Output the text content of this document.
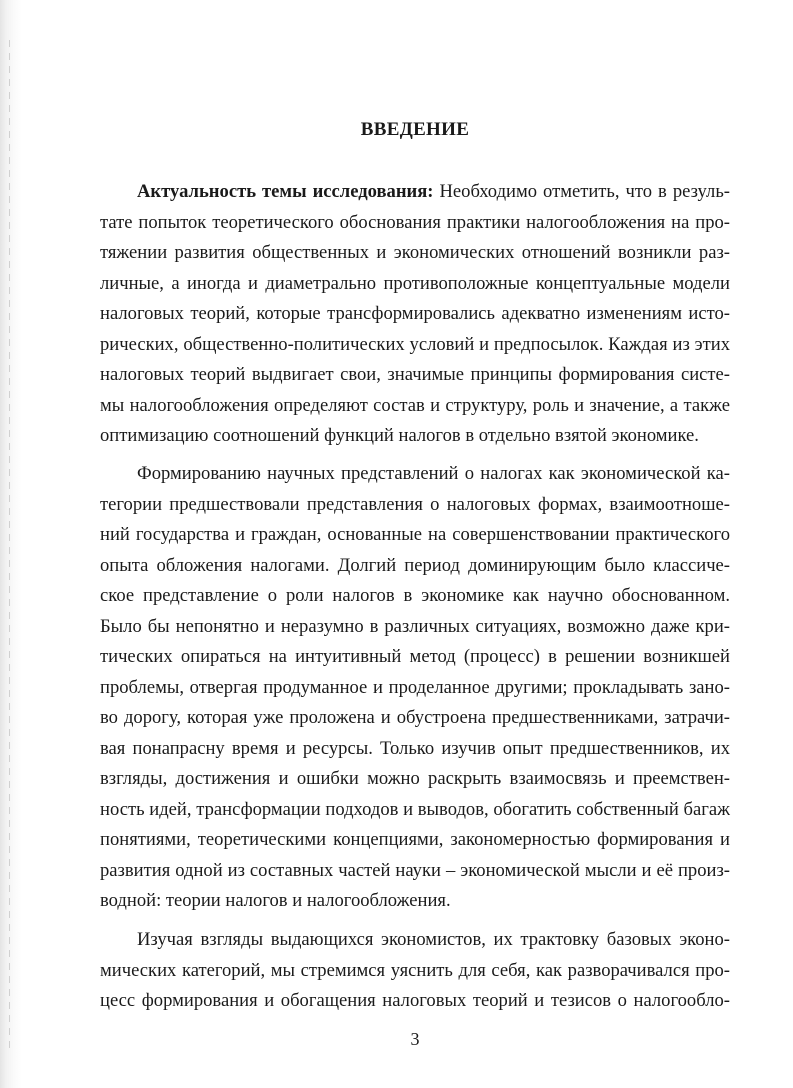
ВВЕДЕНИЕ
Актуальность темы исследования: Необходимо отметить, что в резуль-
тате попыток теоретического обоснования практики налогообложения на про-
тяжении развития общественных и экономических отношений возникли раз-
личные, а иногда и диаметрально противоположные концептуальные модели
налоговых теорий, которые трансформировались адекватно изменениям исто-
рических, общественно-политических условий и предпосылок. Каждая из этих
налоговых теорий выдвигает свои, значимые принципы формирования систе-
мы налогообложения определяют состав и структуру, роль и значение, а также
оптимизацию соотношений функций налогов в отдельно взятой экономике.
Формированию научных представлений о налогах как экономической ка-
тегории предшествовали представления о налоговых формах, взаимоотноше-
ний государства и граждан, основанные на совершенствовании практического
опыта обложения налогами. Долгий период доминирующим было классиче-
ское представление о роли налогов в экономике как научно обоснованном.
Было бы непонятно и неразумно в различных ситуациях, возможно даже кри-
тических опираться на интуитивный метод (процесс) в решении возникшей
проблемы, отвергая продуманное и проделанное другими; прокладывать зано-
во дорогу, которая уже проложена и обустроена предшественниками, затрачи-
вая понапрасну время и ресурсы. Только изучив опыт предшественников, их
взгляды, достижения и ошибки можно раскрыть взаимосвязь и преемствен-
ность идей, трансформации подходов и выводов, обогатить собственный багаж
понятиями, теоретическими концепциями, закономерностью формирования и
развития одной из составных частей науки – экономической мысли и её произ-
водной: теории налогов и налогообложения.
Изучая взгляды выдающихся экономистов, их трактовку базовых эконо-
мических категорий, мы стремимся уяснить для себя, как разворачивался про-
цесс формирования и обогащения налоговых теорий и тезисов о налогообло-
3
